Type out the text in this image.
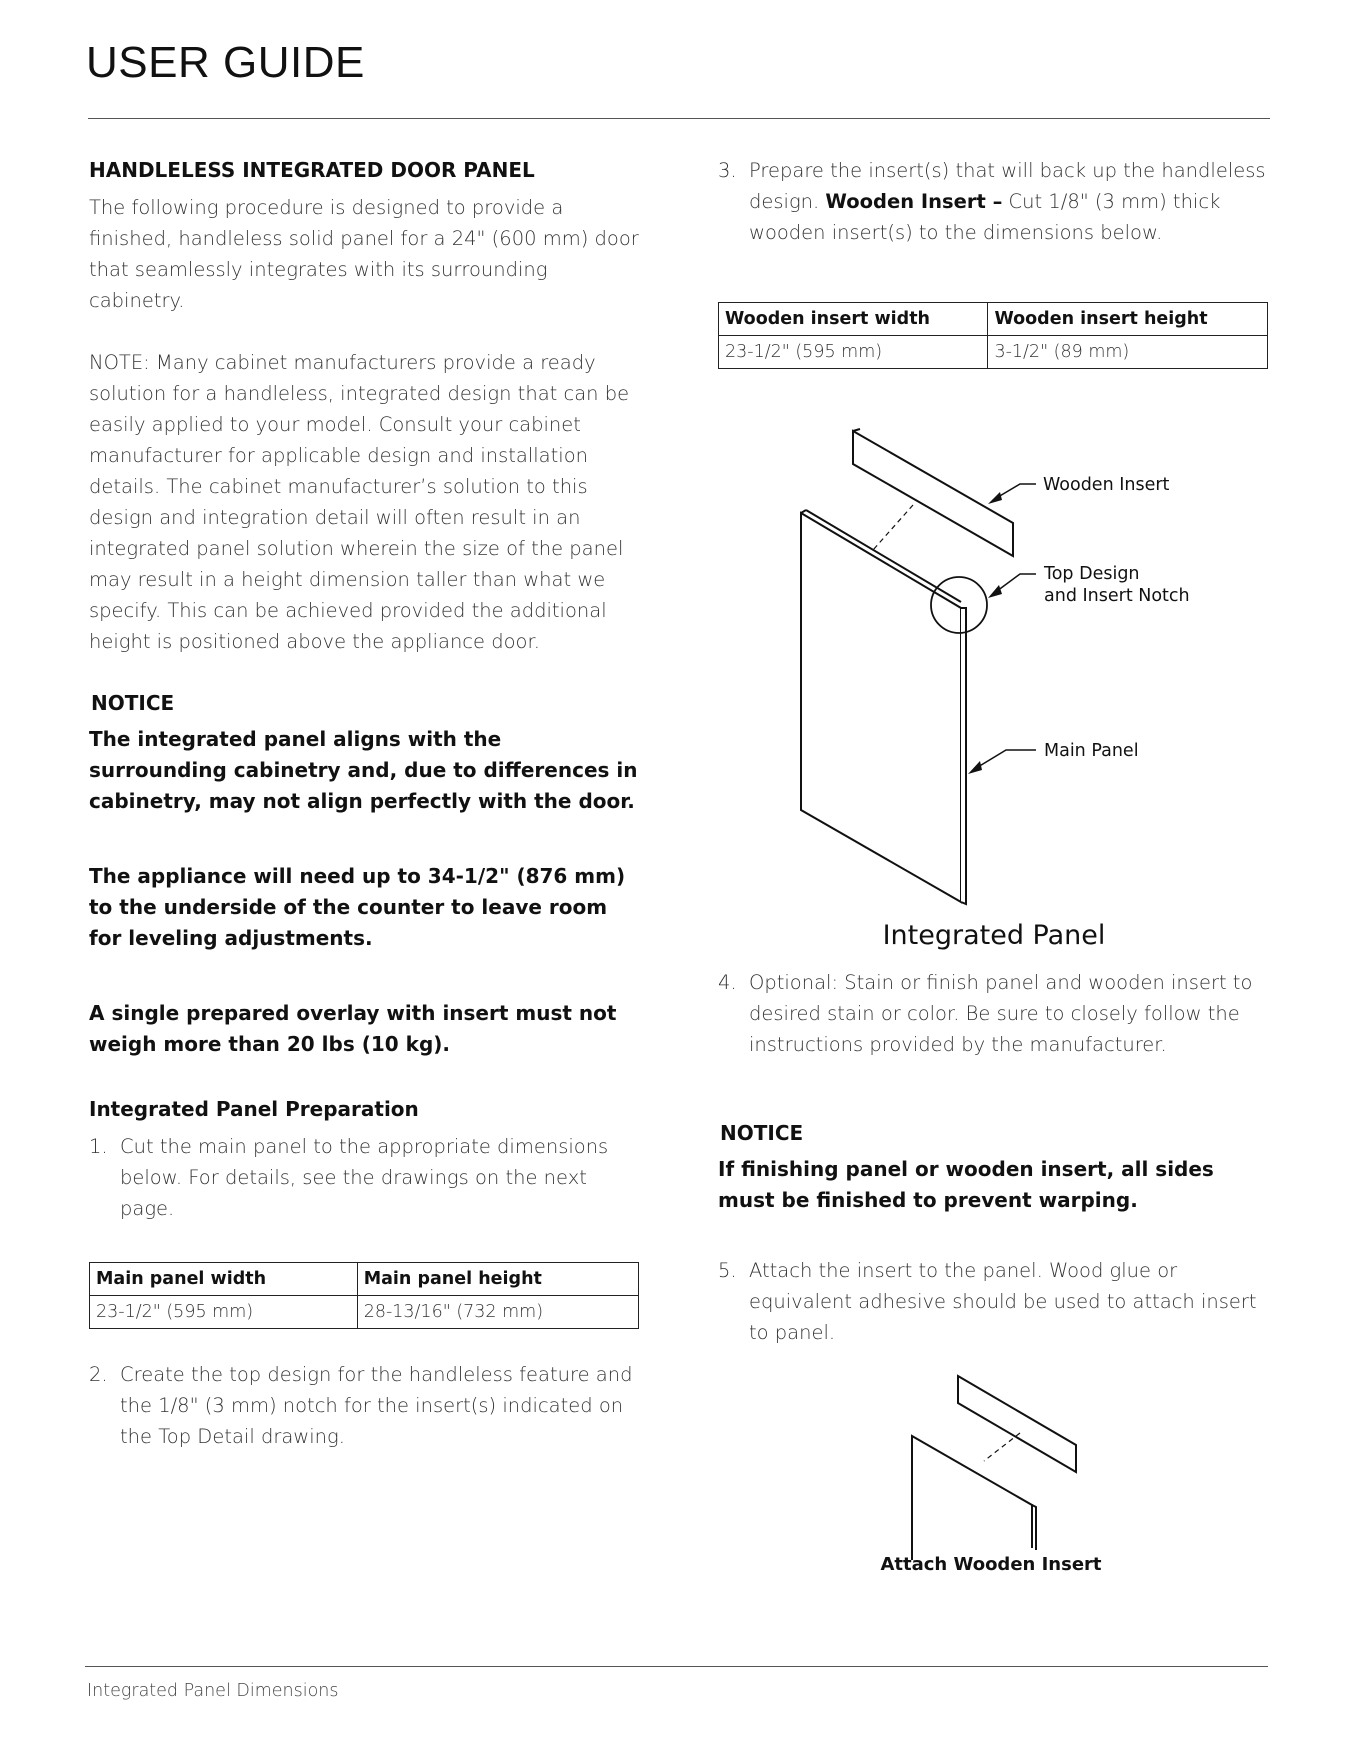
USER GUIDE
HANDLELESS INTEGRATED DOOR PANEL
The following procedure is designed to provide a finished, handleless solid panel for a 24" (600 mm) door that seamlessly integrates with its surrounding cabinetry.
NOTE: Many cabinet manufacturers provide a ready solution for a handleless, integrated design that can be easily applied to your model. Consult your cabinet manufacturer for applicable design and installation details. The cabinet manufacturer’s solution to this design and integration detail will often result in an integrated panel solution wherein the size of the panel may result in a height dimension taller than what we specify. This can be achieved provided the additional height is positioned above the appliance door.
NOTICE
The integrated panel aligns with the surrounding cabinetry and, due to differences in cabinetry, may not align perfectly with the door.
The appliance will need up to 34-1/2" (876 mm) to the underside of the counter to leave room for leveling adjustments.
A single prepared overlay with insert must not weigh more than 20 lbs (10 kg).
Integrated Panel Preparation
1. Cut the main panel to the appropriate dimensions below. For details, see the drawings on the next page.
Main panel width	Main panel height
23-1/2" (595 mm)	28-13/16" (732 mm)
2. Create the top design for the handleless feature and the 1/8" (3 mm) notch for the insert(s) indicated on the Top Detail drawing.
3. Prepare the insert(s) that will back up the handleless design. Wooden Insert – Cut 1/8" (3 mm) thick wooden insert(s) to the dimensions below.
Wooden insert width	Wooden insert height
23-1/2" (595 mm)	3-1/2" (89 mm)
Wooden Insert
Top Design
and Insert Notch
Main Panel
Integrated Panel
4. Optional: Stain or finish panel and wooden insert to desired stain or color. Be sure to closely follow the instructions provided by the manufacturer.
NOTICE
If finishing panel or wooden insert, all sides must be finished to prevent warping.
5. Attach the insert to the panel. Wood glue or equivalent adhesive should be used to attach insert to panel.
Attach Wooden Insert
Integrated Panel Dimensions
